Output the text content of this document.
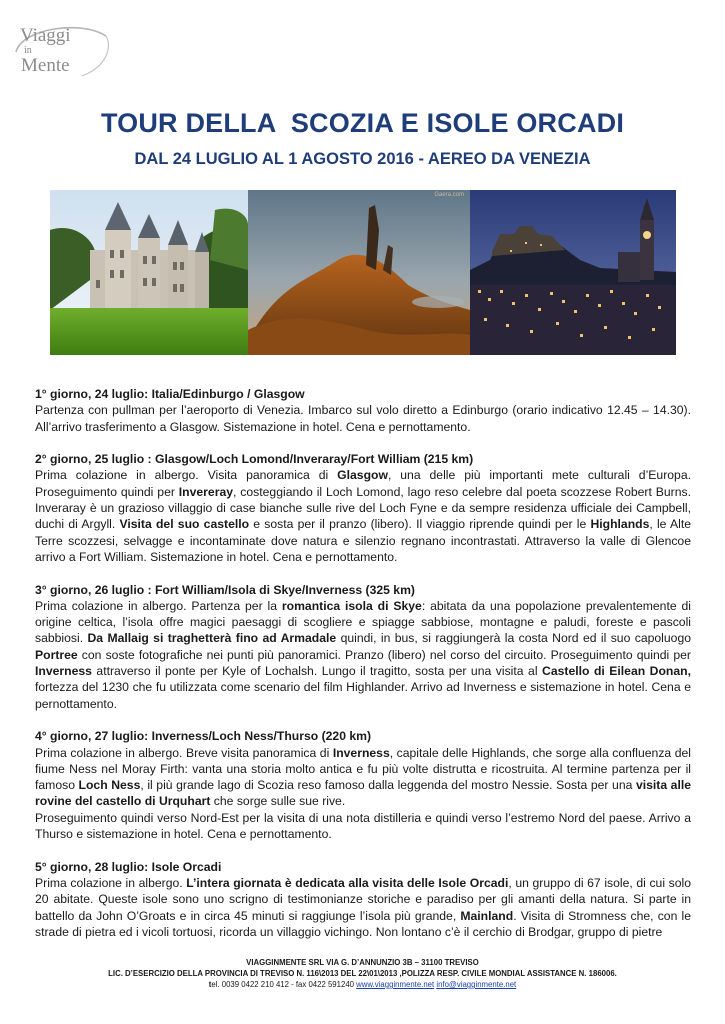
Viaggi
in
Mente
TOUR DELLA  SCOZIA E ISOLE ORCADI
DAL 24 LUGLIO AL 1 AGOSTO 2016 - AEREO DA VENEZIA
Gaera.com
1° giorno, 24 luglio: Italia/Edinburgo / Glasgow
Partenza con pullman per l’aeroporto di Venezia. Imbarco sul volo diretto a Edinburgo (orario indicativo 12.45 – 14.30). All’arrivo trasferimento a Glasgow. Sistemazione in hotel. Cena e pernottamento.
2° giorno, 25 luglio : Glasgow/Loch Lomond/Inveraray/Fort William (215 km)
Prima colazione in albergo. Visita panoramica di Glasgow, una delle più importanti mete culturali d’Europa. Proseguimento quindi per Invereray, costeggiando il Loch Lomond, lago reso celebre dal poeta scozzese Robert Burns. Inveraray è un grazioso villaggio di case bianche sulle rive del Loch Fyne e da sempre residenza ufficiale dei Campbell, duchi di Argyll. Visita del suo castello e sosta per il pranzo (libero). Il viaggio riprende quindi per le Highlands, le Alte Terre scozzesi, selvagge e incontaminate dove natura e silenzio regnano incontrastati. Attraverso la valle di Glencoe arrivo a Fort William. Sistemazione in hotel. Cena e pernottamento.
3° giorno, 26 luglio : Fort William/Isola di Skye/Inverness (325 km)
Prima colazione in albergo. Partenza per la romantica isola di Skye: abitata da una popolazione prevalentemente di origine celtica, l’isola offre magici paesaggi di scogliere e spiagge sabbiose, montagne e paludi, foreste e pascoli sabbiosi. Da Mallaig si traghetterà fino ad Armadale quindi, in bus, si raggiungerà la costa Nord ed il suo capoluogo Portree con soste fotografiche nei punti più panoramici. Pranzo (libero) nel corso del circuito. Proseguimento quindi per Inverness attraverso il ponte per Kyle of Lochalsh. Lungo il tragitto, sosta per una visita al Castello di Eilean Donan, fortezza del 1230 che fu utilizzata come scenario del film Highlander. Arrivo ad Inverness e sistemazione in hotel. Cena e pernottamento.
4° giorno, 27 luglio: Inverness/Loch Ness/Thurso (220 km)
Prima colazione in albergo. Breve visita panoramica di Inverness, capitale delle Highlands, che sorge alla confluenza del fiume Ness nel Moray Firth: vanta una storia molto antica e fu più volte distrutta e ricostruita. Al termine partenza per il famoso Loch Ness, il più grande lago di Scozia reso famoso dalla leggenda del mostro Nessie. Sosta per una visita alle rovine del castello di Urquhart che sorge sulle sue rive.
Proseguimento quindi verso Nord-Est per la visita di una nota distilleria e quindi verso l’estremo Nord del paese. Arrivo a Thurso e sistemazione in hotel. Cena e pernottamento.
5° giorno, 28 luglio: Isole Orcadi
Prima colazione in albergo. L’intera giornata è dedicata alla visita delle Isole Orcadi, un gruppo di 67 isole, di cui solo 20 abitate. Queste isole sono uno scrigno di testimonianze storiche e paradiso per gli amanti della natura. Si parte in battello da John O’Groats e in circa 45 minuti si raggiunge l’isola più grande, Mainland. Visita di Stromness che, con le strade di pietra ed i vicoli tortuosi, ricorda un villaggio vichingo. Non lontano c’è il cerchio di Brodgar, gruppo di pietre
VIAGGINMENTE SRL VIA G. D’ANNUNZIO 3B – 31100 TREVISO
LIC. D’ESERCIZIO DELLA PROVINCIA DI TREVISO N. 116\2013 DEL 22\01\2013 ,POLIZZA RESP. CIVILE MONDIAL ASSISTANCE N. 186006.
tel. 0039 0422 210 412 - fax 0422 591240 www.viagginmente.net info@viagginmente.net
